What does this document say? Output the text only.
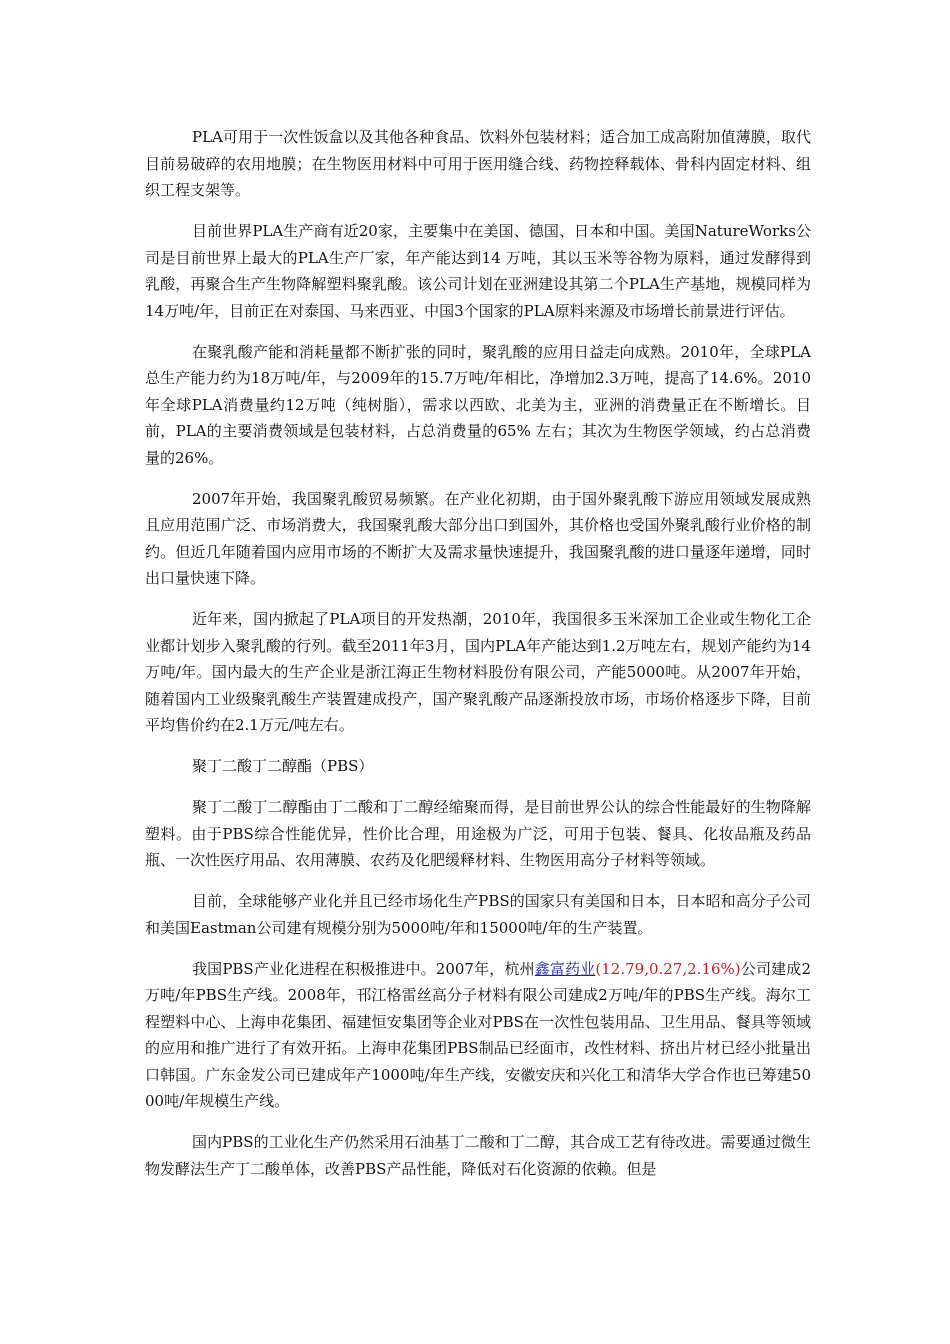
PLA可用于一次性饭盒以及其他各种食品、饮料外包装材料；适合加工成高附加值薄膜，取代目前易破碎的农用地膜；在生物医用材料中可用于医用缝合线、药物控释载体、骨科内固定材料、组织工程支架等。

目前世界PLA生产商有近20家，主要集中在美国、德国、日本和中国。美国NatureWorks公司是目前世界上最大的PLA生产厂家，年产能达到14 万吨，其以玉米等谷物为原料，通过发酵得到乳酸，再聚合生产生物降解塑料聚乳酸。该公司计划在亚洲建设其第二个PLA生产基地，规模同样为14万吨/年，目前正在对泰国、马来西亚、中国3个国家的PLA原料来源及市场增长前景进行评估。

在聚乳酸产能和消耗量都不断扩张的同时，聚乳酸的应用日益走向成熟。2010年，全球PLA总生产能力约为18万吨/年，与2009年的15.7万吨/年相比，净增加2.3万吨，提高了14.6%。2010 年全球PLA消费量约12万吨（纯树脂），需求以西欧、北美为主，亚洲的消费量正在不断增长。目前，PLA的主要消费领域是包装材料，占总消费量的65% 左右；其次为生物医学领域，约占总消费量的26%。

2007年开始，我国聚乳酸贸易频繁。在产业化初期，由于国外聚乳酸下游应用领域发展成熟且应用范围广泛、市场消费大，我国聚乳酸大部分出口到国外，其价格也受国外聚乳酸行业价格的制约。但近几年随着国内应用市场的不断扩大及需求量快速提升，我国聚乳酸的进口量逐年递增，同时出口量快速下降。

近年来，国内掀起了PLA项目的开发热潮，2010年，我国很多玉米深加工企业或生物化工企业都计划步入聚乳酸的行列。截至2011年3月，国内PLA年产能达到1.2万吨左右，规划产能约为14万吨/年。国内最大的生产企业是浙江海正生物材料股份有限公司，产能5000吨。从2007年开始，随着国内工业级聚乳酸生产装置建成投产，国产聚乳酸产品逐渐投放市场，市场价格逐步下降，目前平均售价约在2.1万元/吨左右。

聚丁二酸丁二醇酯（PBS）

聚丁二酸丁二醇酯由丁二酸和丁二醇经缩聚而得，是目前世界公认的综合性能最好的生物降解塑料。由于PBS综合性能优异，性价比合理，用途极为广泛，可用于包装、餐具、化妆品瓶及药品瓶、一次性医疗用品、农用薄膜、农药及化肥缓释材料、生物医用高分子材料等领域。

目前，全球能够产业化并且已经市场化生产PBS的国家只有美国和日本，日本昭和高分子公司和美国Eastman公司建有规模分别为5000吨/年和15000吨/年的生产装置。

我国PBS产业化进程在积极推进中。2007年，杭州鑫富药业(12.79,0.27,2.16%)公司建成2万吨/年PBS生产线。2008年，邗江格雷丝高分子材料有限公司建成2万吨/年的PBS生产线。海尔工程塑料中心、上海申花集团、福建恒安集团等企业对PBS在一次性包装用品、卫生用品、餐具等领域的应用和推广进行了有效开拓。上海申花集团PBS制品已经面市，改性材料、挤出片材已经小批量出口韩国。广东金发公司已建成年产1000吨/年生产线，安徽安庆和兴化工和清华大学合作也已筹建5000吨/年规模生产线。

国内PBS的工业化生产仍然采用石油基丁二酸和丁二醇，其合成工艺有待改进。需要通过微生物发酵法生产丁二酸单体，改善PBS产品性能，降低对石化资源的依赖。但是
